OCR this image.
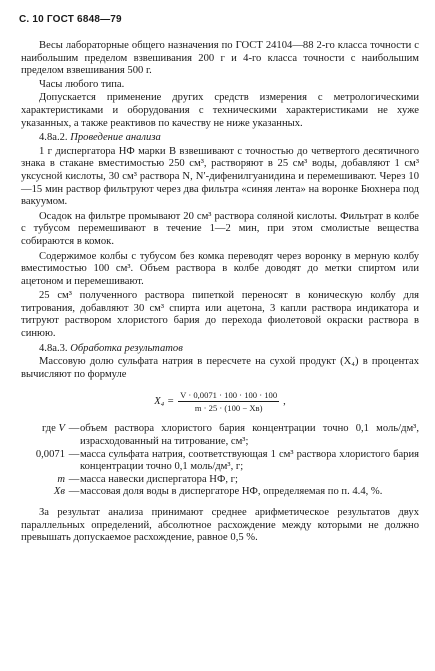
С. 10 ГОСТ 6848—79

Весы лабораторные общего назначения по ГОСТ 24104—88 2-го класса точности с наибольшим пределом взвешивания 200 г и 4-го класса точности с наибольшим пределом взвешивания 500 г.

Часы любого типа.

Допускается применение других средств измерения с метрологическими характеристиками и оборудования с техническими характеристиками не хуже указанных, а также реактивов по качеству не ниже указанных.

4.8а.2. Проведение анализа

1 г диспергатора НФ марки В взвешивают с точностью до четвертого десятичного знака в стакане вместимостью 250 см³, растворяют в 25 см³ воды, добавляют 1 см³ уксусной кислоты, 30 см³ раствора N, N′-дифенилгуанидина и перемешивают. Через 10—15 мин раствор фильтруют через два фильтра «синяя лента» на воронке Бюхнера под вакуумом.

Осадок на фильтре промывают 20 см³ раствора соляной кислоты. Фильтрат в колбе с тубусом перемешивают в течение 1—2 мин, при этом смолистые вещества собираются в комок.

Содержимое колбы с тубусом без комка переводят через воронку в мерную колбу вместимостью 100 см³. Объем раствора в колбе доводят до метки спиртом или ацетоном и перемешивают.

25 см³ полученного раствора пипеткой переносят в коническую колбу для титрования, добавляют 30 см³ спирта или ацетона, 3 капли раствора индикатора и титруют раствором хлористого бария до перехода фиолетовой окраски раствора в синюю.

4.8а.3. Обработка результатов

Массовую долю сульфата натрия в пересчете на сухой продукт (X₄) в процентах вычисляют по формуле

$X_4 = \frac{V \cdot 0,0071 \cdot 100 \cdot 100 \cdot 100}{m \cdot 25 \cdot (100 - Xв)}$ ,
где V	—	объем раствора хлористого бария концентрации точно 0,1 моль/дм³, израсходованный на титрование, см³;
0,0071	—	масса сульфата натрия, соответствующая 1 см³ раствора хлористого бария концентрации точно 0,1 моль/дм³, г;
m	—	масса навески диспергатора НФ, г;
Xв	—	массовая доля воды в диспергаторе НФ, определяемая по п. 4.4, %.

За результат анализа принимают среднее арифметическое результатов двух параллельных определений, абсолютное расхождение между которыми не должно превышать допускаемое расхождение, равное 0,5 %.
